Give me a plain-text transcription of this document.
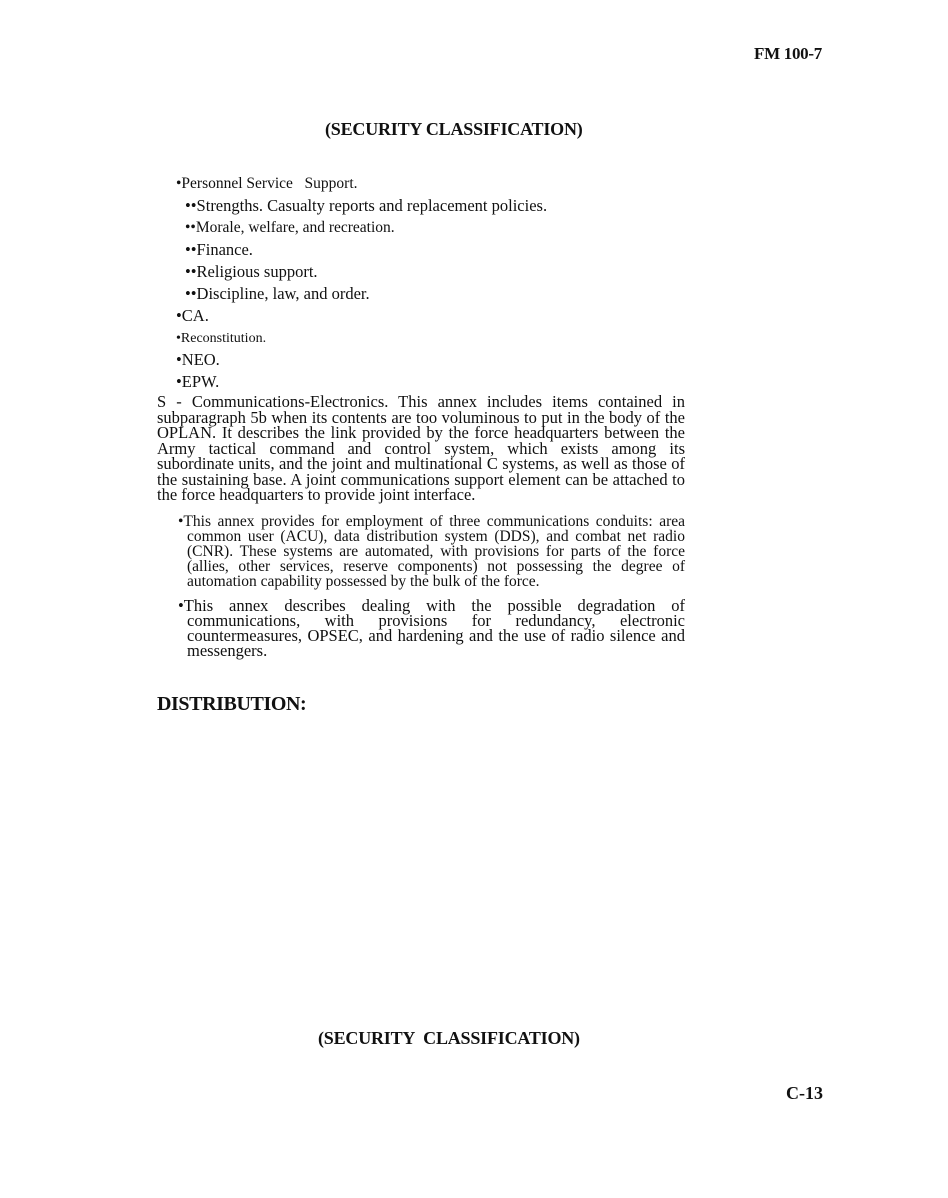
FM 100-7
(SECURITY CLASSIFICATION)
•Personnel Service   Support.
••Strengths. Casualty reports and replacement policies.
••Morale, welfare, and recreation.
••Finance.
••Religious support.
••Discipline, law, and order.
•CA.
•Reconstitution.
•NEO.
•EPW.

S - Communications-Electronics. This annex includes items contained in subparagraph 5b when its contents are too voluminous to put in the body of the OPLAN. It describes the link provided by the force headquarters between the Army tactical command and control system, which exists among its subordinate units, and the joint and multinational C systems, as well as those of the sustaining base. A joint communications support element can be attached to the force headquarters to provide joint interface.

•This annex provides for employment of three communications conduits: area common user (ACU), data distribution system (DDS), and combat net radio (CNR). These systems are automated, with provisions for parts of the force (allies, other services, reserve components) not possessing the degree of automation capability possessed by the bulk of the force.

•This annex describes dealing with the possible degradation of communications, with provisions for redundancy, electronic countermeasures, OPSEC, and hardening and the use of radio silence and messengers.

DISTRIBUTION:
(SECURITY  CLASSIFICATION)
C-13
